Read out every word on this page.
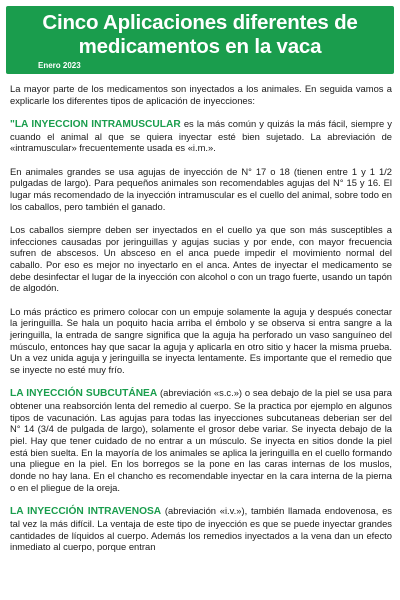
Cinco Aplicaciones diferentes de medicamentos en la vaca
Enero 2023

La mayor parte de los medicamentos son inyectados a los animales. En seguida vamos a explicarle los diferentes tipos de aplicación de inyecciones:

"LA INYECCION INTRAMUSCULAR es la más común y quizás la más fácil, siempre y cuando el animal al que se quiera inyectar esté bien sujetado. La abreviación de «intramuscular» frecuentemente usada es «i.m.».

En animales grandes se usa agujas de inyección de N° 17 o 18 (tienen entre 1 y 1 1/2 pulgadas de largo). Para pequeños animales son recomendables agujas del N° 15 y 16. El lugar más recomendado de la inyección intramuscular es el cuello del animal, sobre todo en los caballos, pero también el ganado.

Los caballos siempre deben ser inyectados en el cuello ya que son más susceptibles a infecciones causadas por jeringuillas y agujas sucias y por ende, con mayor frecuencia sufren de abscesos. Un absceso en el anca puede impedir el movimiento normal del caballo. Por eso es mejor no inyectarlo en el anca. Antes de inyectar el medicamento se debe desinfectar el lugar de la inyección con alcohol o con un trago fuerte, usando un tapón de algodón.

Lo más práctico es primero colocar con un empuje solamente la aguja y después conectar la jeringuilla. Se hala un poquito hacia arriba el émbolo y se observa si entra sangre a la jeringuilla, la entrada de sangre significa que la aguja ha perforado un vaso sanguíneo del músculo, entonces hay que sacar la aguja y aplicarla en otro sitio y hacer la misma prueba. Un a vez unida aguja y jeringuilla se inyecta lentamente. Es importante que el remedio que se inyecte no esté muy frío.

LA INYECCIÓN SUBCUTÁNEA (abreviación «s.c.») o sea debajo de la piel se usa para obtener una reabsorción lenta del remedio al cuerpo. Se la practica por ejemplo en algunos tipos de vacunación. Las agujas para todas las inyecciones subcutaneas deberian ser del N° 14 (3/4 de pulgada de largo), solamente el grosor debe variar. Se inyecta debajo de la piel. Hay que tener cuidado de no entrar a un músculo. Se inyecta en sitios donde la piel está bien suelta. En la mayoría de los animales se aplica la jeringuilla en el cuello formando una pliegue en la piel. En los borregos se la pone en las caras internas de los muslos, donde no hay lana. En el chancho es recomendable inyectar en la cara interna de la pierna o en el pliegue de la oreja.

LA INYECCIÓN INTRAVENOSA (abreviación «i.v.»), también llamada endovenosa, es tal vez la más difícil. La ventaja de este tipo de inyección es que se puede inyectar grandes cantidades de líquidos al cuerpo. Además los remedios inyectados a la vena dan un efecto inmediato al cuerpo, porque entran
